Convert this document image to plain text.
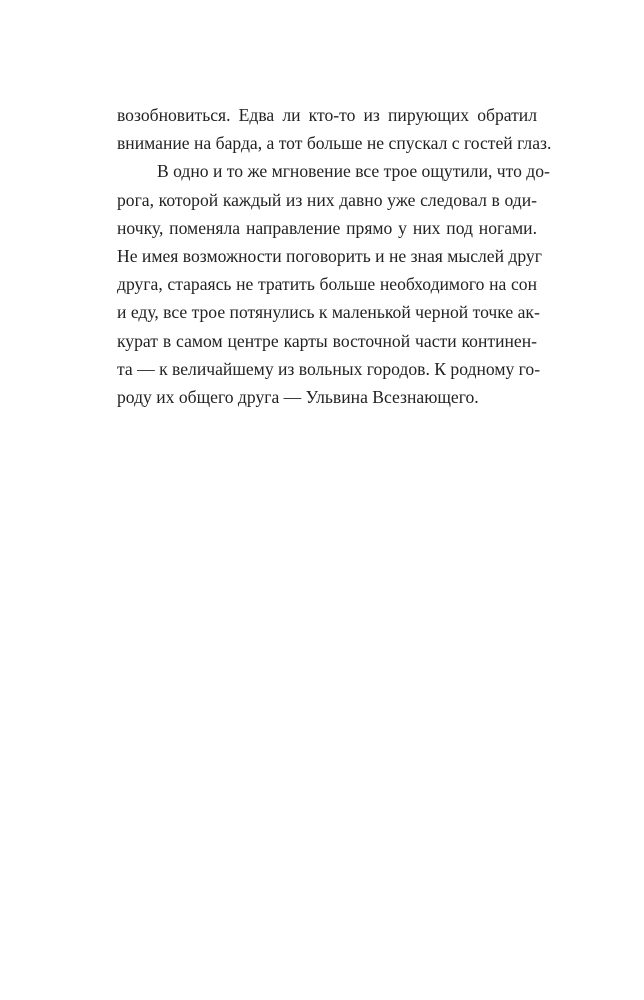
возобновиться. Едва ли кто-то из пирующих обратил
внимание на барда, а тот больше не спускал с гостей глаз.
В одно и то же мгновение все трое ощутили, что до-
рога, которой каждый из них давно уже следовал в оди-
ночку, поменяла направление прямо у них под ногами.
Не имея возможности поговорить и не зная мыслей друг
друга, стараясь не тратить больше необходимого на сон
и еду, все трое потянулись к маленькой черной точке ак-
курат в самом центре карты восточной части континен-
та — к величайшему из вольных городов. К родному го-
роду их общего друга — Ульвина Всезнающего.
